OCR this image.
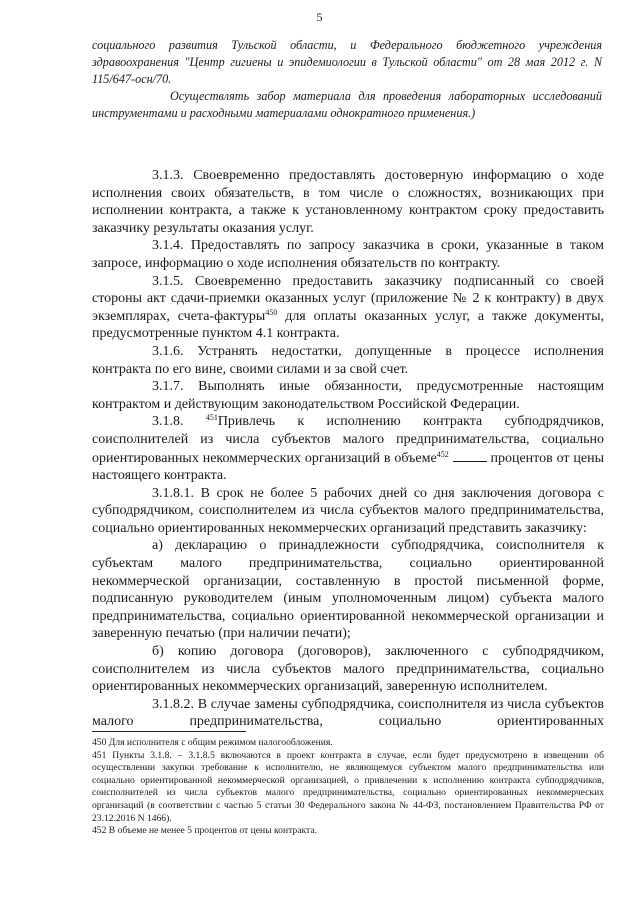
5

социального развития Тульской области, и Федерального бюджетного учреждения здравоохранения "Центр гигиены и эпидемиологии в Тульской области" от 28 мая 2012 г. N 115/647-осн/70.

Осуществлять забор материала для проведения лабораторных исследований инструментами и расходными материалами однократного применения.)

3.1.3. Своевременно предоставлять достоверную информацию о ходе исполнения своих обязательств, в том числе о сложностях, возникающих при исполнении контракта, а также к установленному контрактом сроку предоставить заказчику результаты оказания услуг.

3.1.4. Предоставлять по запросу заказчика в сроки, указанные в таком запросе, информацию о ходе исполнения обязательств по контракту.

3.1.5. Своевременно предоставить заказчику подписанный со своей стороны акт сдачи-приемки оказанных услуг (приложение № 2 к контракту) в двух экземплярах, счета-фактуры$^{450}$ для оплаты оказанных услуг, а также документы, предусмотренные пунктом 4.1 контракта.

3.1.6. Устранять недостатки, допущенные в процессе исполнения контракта по его вине, своими силами и за свой счет.

3.1.7. Выполнять иные обязанности, предусмотренные настоящим контрактом и действующим законодательством Российской Федерации.

3.1.8. $^{451}$Привлечь к исполнению контракта субподрядчиков, соисполнителей из числа субъектов малого предпринимательства, социально ориентированных некоммерческих организаций в объеме$^{452}$	процентов от цены настоящего контракта.

3.1.8.1. В срок не более 5 рабочих дней со дня заключения договора с субподрядчиком, соисполнителем из числа субъектов малого предпринимательства, социально ориентированных некоммерческих организаций представить заказчику:

а) декларацию о принадлежности субподрядчика, соисполнителя к субъектам малого предпринимательства, социально ориентированной некоммерческой организации, составленную в простой письменной форме, подписанную руководителем (иным уполномоченным лицом) субъекта малого предпринимательства, социально ориентированной некоммерческой организации и заверенную печатью (при наличии печати);

б) копию договора (договоров), заключенного с субподрядчиком, соисполнителем из числа субъектов малого предпринимательства, социально ориентированных некоммерческих организаций, заверенную исполнителем.

3.1.8.2. В случае замены субподрядчика, соисполнителя из числа субъектов малого предпринимательства, социально ориентированных

450 Для исполнителя с общим режимом налогообложения.

451 Пункты 3.1.8. – 3.1.8.5 включаются в проект контракта в случае, если будет предусмотрено в извещении об осуществлении закупки требование к исполнителю, не являющемуся субъектом малого предпринимательства или социально ориентированной некоммерческой организацией, о привлечении к исполнению контракта субподрядчиков, соисполнителей из числа субъектов малого предпринимательства, социально ориентированных некоммерческих организаций (в соответствии с частью 5 статьи 30 Федерального закона № 44-ФЗ, постановлением Правительства РФ от 23.12.2016 N 1466).

452 В объеме не менее 5 процентов от цены контракта.
